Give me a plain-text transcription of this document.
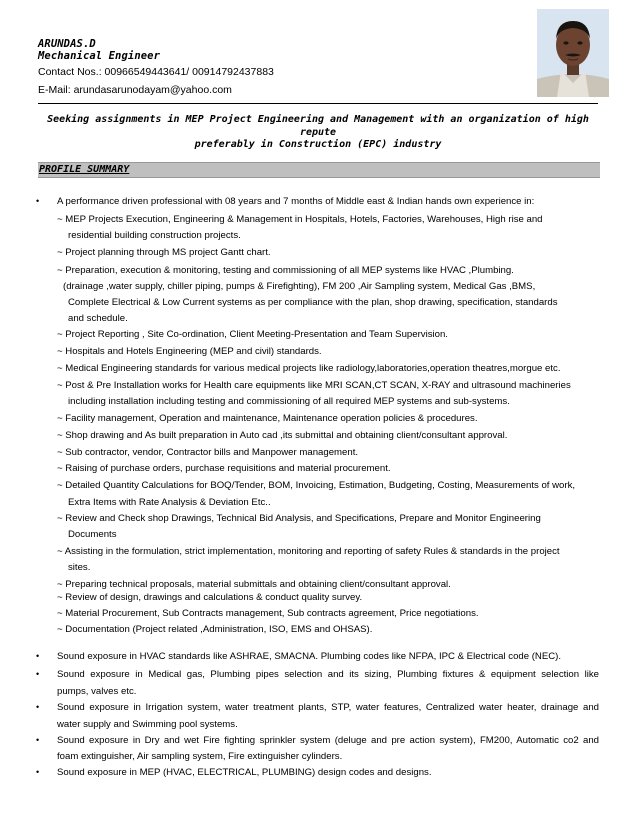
ARUNDAS.D
Mechanical Engineer
Contact Nos.: 00966549443641/ 00914792437883
E-Mail: arundasarunodayam@yahoo.com
Seeking assignments in MEP Project Engineering and Management with an organization of high
repute
preferably in Construction (EPC) industry
PROFILE SUMMARY
• A performance driven professional with 08 years and 7 months of Middle east & Indian hands own experience in:
~ MEP Projects Execution, Engineering & Management in Hospitals, Hotels, Factories, Warehouses, High rise and
residential building construction projects.
~ Project planning through MS project Gantt chart.
~ Preparation, execution & monitoring, testing and commissioning of all MEP systems like HVAC ,Plumbing.
(drainage ,water supply, chiller piping, pumps & Firefighting), FM 200 ,Air Sampling system, Medical Gas ,BMS,
Complete Electrical & Low Current systems as per compliance with the plan, shop drawing, specification, standards
and schedule.
~ Project Reporting , Site Co-ordination, Client Meeting-Presentation and Team Supervision.
~ Hospitals and Hotels Engineering (MEP and civil) standards.
~ Medical Engineering standards for various medical projects like radiology,laboratories,operation theatres,morgue etc.
~ Post & Pre Installation works for Health care equipments like MRI SCAN,CT SCAN, X-RAY and ultrasound machineries
including installation including testing and commissioning of all required MEP systems and sub-systems.
~ Facility management, Operation and maintenance, Maintenance operation policies & procedures.
~ Shop drawing and As built preparation in Auto cad ,its submittal and obtaining client/consultant approval.
~ Sub contractor, vendor, Contractor bills and Manpower management.
~ Raising of purchase orders, purchase requisitions and material procurement.
~ Detailed Quantity Calculations for BOQ/Tender, BOM, Invoicing, Estimation, Budgeting, Costing, Measurements of work,
Extra Items with Rate Analysis & Deviation Etc..
~ Review and Check shop Drawings, Technical Bid Analysis, and Specifications, Prepare and Monitor Engineering
Documents
~ Assisting in the formulation, strict implementation, monitoring and reporting of safety Rules & standards in the project
sites.
~ Preparing technical proposals, material submittals and obtaining client/consultant approval.
~ Review of design, drawings and calculations & conduct quality survey.
~ Material Procurement, Sub Contracts management, Sub contracts agreement, Price negotiations.
~ Documentation (Project related ,Administration, ISO, EMS and OHSAS).
• Sound exposure in HVAC standards like ASHRAE, SMACNA. Plumbing codes like NFPA, IPC & Electrical code (NEC).
• Sound exposure in Medical gas, Plumbing pipes selection and its sizing, Plumbing fixtures & equipment selection like
pumps, valves etc.
• Sound exposure in Irrigation system, water treatment plants, STP, water features, Centralized water heater, drainage and
water supply and Swimming pool systems.
• Sound exposure in Dry and wet Fire fighting sprinkler system (deluge and pre action system), FM200, Automatic co2 and
foam extinguisher, Air sampling system, Fire extinguisher cylinders.
• Sound exposure in MEP (HVAC, ELECTRICAL, PLUMBING) design codes and designs.
